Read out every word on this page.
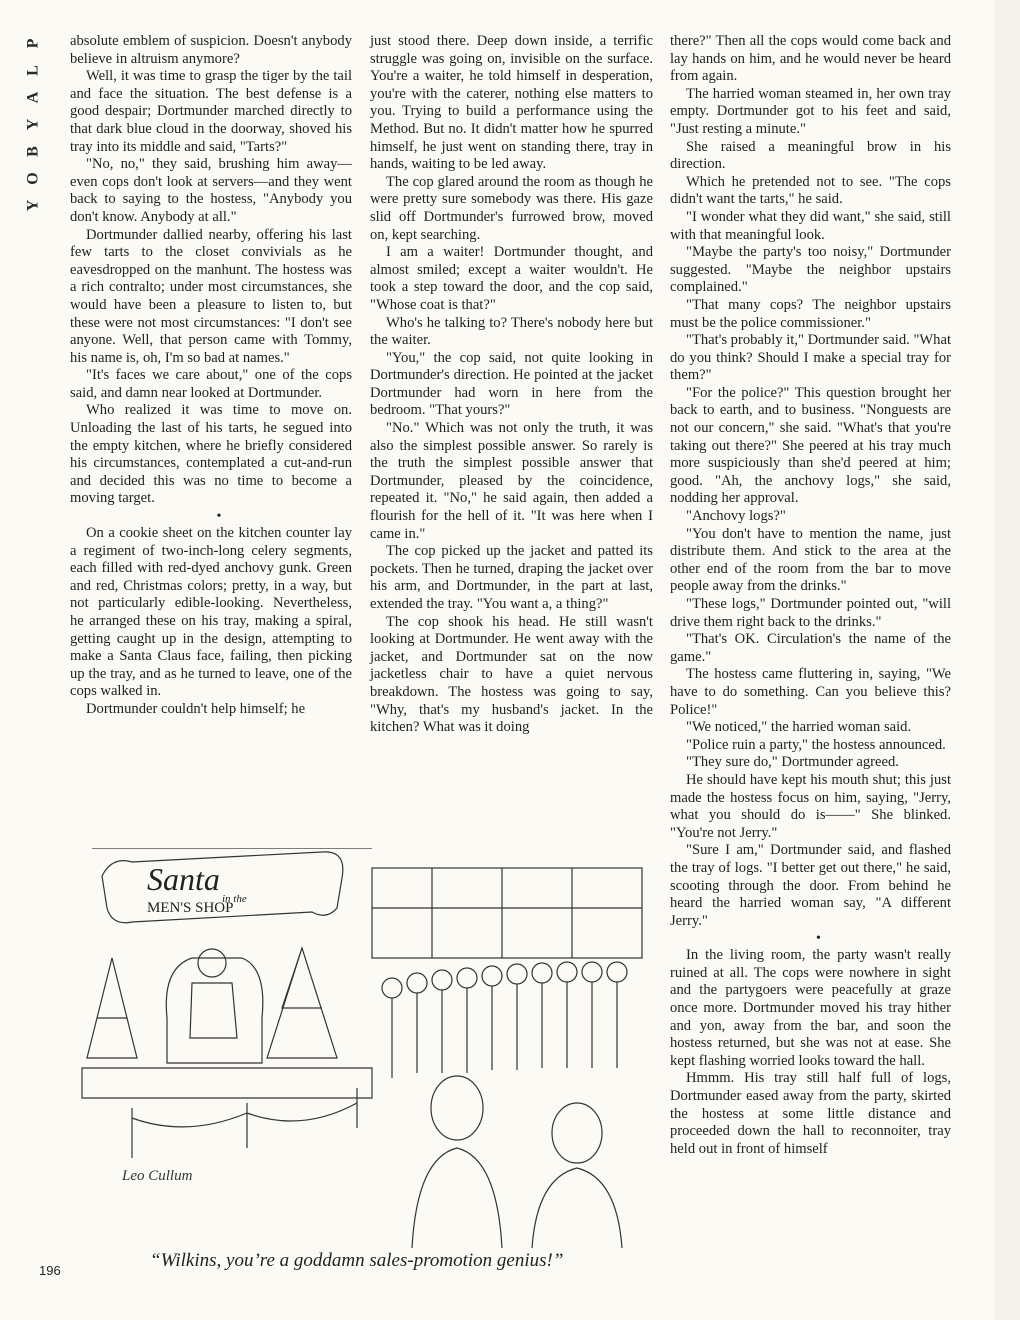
P
L
A
Y
B
O
Y

absolute emblem of suspicion. Doesn't anybody believe in altruism anymore?

Well, it was time to grasp the tiger by the tail and face the situation. The best defense is a good despair; Dortmunder marched directly to that dark blue cloud in the doorway, shoved his tray into its middle and said, "Tarts?"

"No, no," they said, brushing him away—even cops don't look at servers—and they went back to saying to the hostess, "Anybody you don't know. Anybody at all."

Dortmunder dallied nearby, offering his last few tarts to the closet convivials as he eavesdropped on the manhunt. The hostess was a rich contralto; under most circumstances, she would have been a pleasure to listen to, but these were not most circumstances: "I don't see anyone. Well, that person came with Tommy, his name is, oh, I'm so bad at names."

"It's faces we care about," one of the cops said, and damn near looked at Dortmunder.

Who realized it was time to move on. Unloading the last of his tarts, he segued into the empty kitchen, where he briefly considered his circumstances, contemplated a cut-and-run and decided this was no time to become a moving target.

•

On a cookie sheet on the kitchen counter lay a regiment of two-inch-long celery segments, each filled with red-dyed anchovy gunk. Green and red, Christmas colors; pretty, in a way, but not particularly edible-looking. Nevertheless, he arranged these on his tray, making a spiral, getting caught up in the design, attempting to make a Santa Claus face, failing, then picking up the tray, and as he turned to leave, one of the cops walked in.

Dortmunder couldn't help himself; he

just stood there. Deep down inside, a terrific struggle was going on, invisible on the surface. You're a waiter, he told himself in desperation, you're with the caterer, nothing else matters to you. Trying to build a performance using the Method. But no. It didn't matter how he spurred himself, he just went on standing there, tray in hands, waiting to be led away.

The cop glared around the room as though he were pretty sure somebody was there. His gaze slid off Dortmunder's furrowed brow, moved on, kept searching.

I am a waiter! Dortmunder thought, and almost smiled; except a waiter wouldn't. He took a step toward the door, and the cop said, "Whose coat is that?"

Who's he talking to? There's nobody here but the waiter.

"You," the cop said, not quite looking in Dortmunder's direction. He pointed at the jacket Dortmunder had worn in here from the bedroom. "That yours?"

"No." Which was not only the truth, it was also the simplest possible answer. So rarely is the truth the simplest possible answer that Dortmunder, pleased by the coincidence, repeated it. "No," he said again, then added a flourish for the hell of it. "It was here when I came in."

The cop picked up the jacket and patted its pockets. Then he turned, draping the jacket over his arm, and Dortmunder, in the part at last, extended the tray. "You want a, a thing?"

The cop shook his head. He still wasn't looking at Dortmunder. He went away with the jacket, and Dortmunder sat on the now jacketless chair to have a quiet nervous breakdown. The hostess was going to say, "Why, that's my husband's jacket. In the kitchen? What was it doing

there?" Then all the cops would come back and lay hands on him, and he would never be heard from again.

The harried woman steamed in, her own tray empty. Dortmunder got to his feet and said, "Just resting a minute."

She raised a meaningful brow in his direction.

Which he pretended not to see. "The cops didn't want the tarts," he said.

"I wonder what they did want," she said, still with that meaningful look.

"Maybe the party's too noisy," Dortmunder suggested. "Maybe the neighbor upstairs complained."

"That many cops? The neighbor upstairs must be the police commissioner."

"That's probably it," Dortmunder said. "What do you think? Should I make a special tray for them?"

"For the police?" This question brought her back to earth, and to business. "Nonguests are not our concern," she said. "What's that you're taking out there?" She peered at his tray much more suspiciously than she'd peered at him; good. "Ah, the anchovy logs," she said, nodding her approval.

"Anchovy logs?"

"You don't have to mention the name, just distribute them. And stick to the area at the other end of the room from the bar to move people away from the drinks."

"These logs," Dortmunder pointed out, "will drive them right back to the drinks."

"That's OK. Circulation's the name of the game."

The hostess came fluttering in, saying, "We have to do something. Can you believe this? Police!"

"We noticed," the harried woman said.

"Police ruin a party," the hostess announced.

"They sure do," Dortmunder agreed.

He should have kept his mouth shut; this just made the hostess focus on him, saying, "Jerry, what you should do is——" She blinked. "You're not Jerry."

"Sure I am," Dortmunder said, and flashed the tray of logs. "I better get out there," he said, scooting through the door. From behind he heard the harried woman say, "A different Jerry."

•

In the living room, the party wasn't really ruined at all. The cops were nowhere in sight and the partygoers were peacefully at graze once more. Dortmunder moved his tray hither and yon, away from the bar, and soon the hostess returned, but she was not at ease. She kept flashing worried looks toward the hall.

Hmmm. His tray still half full of logs, Dortmunder eased away from the party, skirted the hostess at some little distance and proceeded down the hall to reconnoiter, tray held out in front of himself

Santa
in the
MEN'S SHOP
Leo Cullum
“Wilkins, you’re a goddamn sales-promotion genius!”
196
